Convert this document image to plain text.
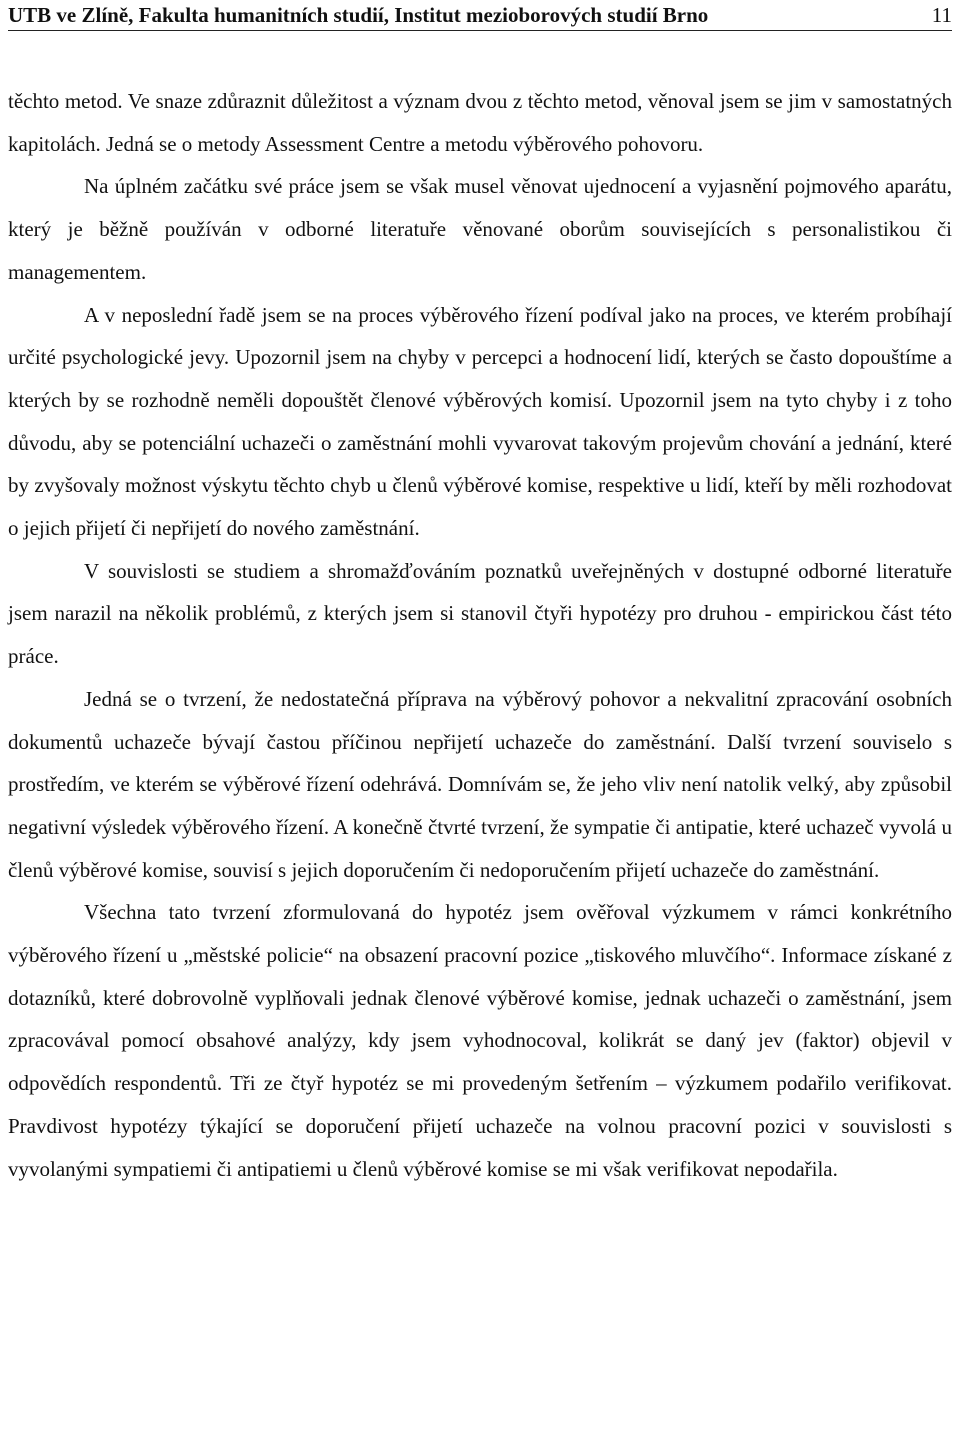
UTB ve Zlíně, Fakulta humanitních studií, Institut mezioborových studií Brno	11

těchto metod. Ve snaze zdůraznit důležitost a význam dvou z těchto metod, věnoval jsem se jim v samostatných kapitolách. Jedná se o metody Assessment Centre a metodu výběrového pohovoru.

Na úplném začátku své práce jsem se však musel věnovat ujednocení a vyjasnění pojmového aparátu, který je běžně používán v odborné literatuře věnované oborům souvisejících s personalistikou či managementem.

A v neposlední řadě jsem se na proces výběrového řízení podíval jako na proces, ve kterém probíhají určité psychologické jevy. Upozornil jsem na chyby v percepci a hodnocení lidí, kterých se často dopouštíme a kterých by se rozhodně neměli dopouštět členové výběrových komisí. Upozornil jsem na tyto chyby i z toho důvodu, aby se potenciální uchazeči o zaměstnání mohli vyvarovat takovým projevům chování a jednání, které by zvyšovaly možnost výskytu těchto chyb u členů výběrové komise, respektive u lidí, kteří by měli rozhodovat o jejich přijetí či nepřijetí do nového zaměstnání.

V souvislosti se studiem a shromažďováním poznatků uveřejněných v dostupné odborné literatuře jsem narazil na několik problémů, z kterých jsem si stanovil čtyři hypotézy pro druhou - empirickou část této práce.

Jedná se o tvrzení, že nedostatečná příprava na výběrový pohovor a nekvalitní zpracování osobních dokumentů uchazeče bývají častou příčinou nepřijetí uchazeče do zaměstnání. Další tvrzení souviselo s prostředím, ve kterém se výběrové řízení odehrává. Domnívám se, že jeho vliv není natolik velký, aby způsobil negativní výsledek výběrového řízení. A konečně čtvrté tvrzení, že sympatie či antipatie, které uchazeč vyvolá u členů výběrové komise, souvisí s jejich doporučením či nedoporučením přijetí uchazeče do zaměstnání.

Všechna tato tvrzení zformulovaná do hypotéz jsem ověřoval výzkumem v rámci konkrétního výběrového řízení u „městské policie“ na obsazení pracovní pozice „tiskového mluvčího“. Informace získané z dotazníků, které dobrovolně vyplňovali jednak členové výběrové komise, jednak uchazeči o zaměstnání, jsem zpracovával pomocí obsahové analýzy, kdy jsem vyhodnocoval, kolikrát se daný jev (faktor) objevil v odpovědích respondentů. Tři ze čtyř hypotéz se mi provedeným šetřením – výzkumem podařilo verifikovat. Pravdivost hypotézy týkající se doporučení přijetí uchazeče na volnou pracovní pozici v souvislosti s vyvolanými sympatiemi či antipatiemi u členů výběrové komise se mi však verifikovat nepodařila.
